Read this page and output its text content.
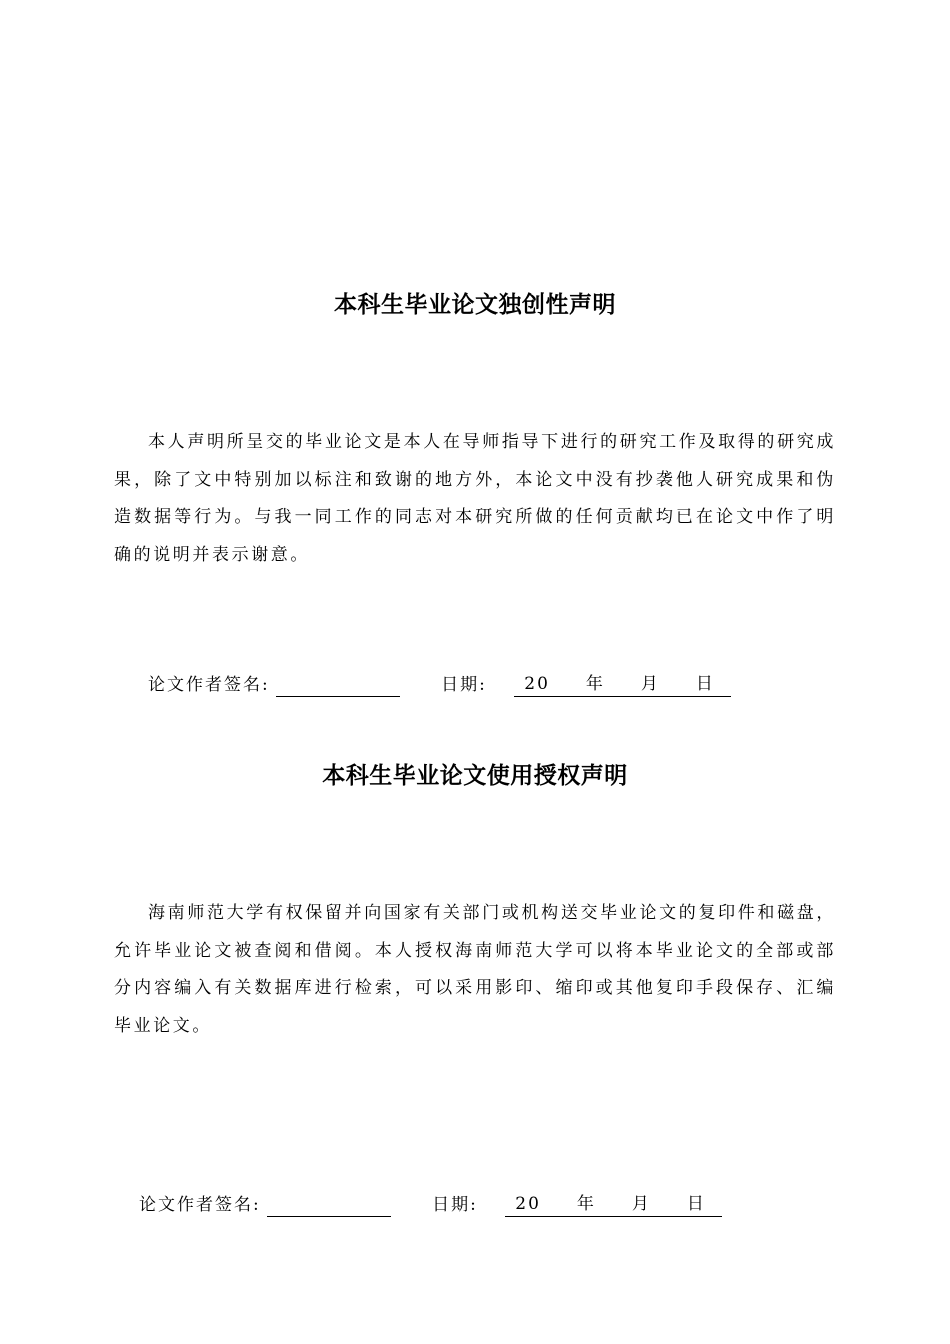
本科生毕业论文独创性声明
本人声明所呈交的毕业论文是本人在导师指导下进行的研究工作及取得的研究成果，除了文中特别加以标注和致谢的地方外，本论文中没有抄袭他人研究成果和伪造数据等行为。与我一同工作的同志对本研究所做的任何贡献均已在论文中作了明确的说明并表示谢意。
论文作者签名:	日期: 20 年 月 日
本科生毕业论文使用授权声明
海南师范大学有权保留并向国家有关部门或机构送交毕业论文的复印件和磁盘，允许毕业论文被查阅和借阅。本人授权海南师范大学可以将本毕业论文的全部或部分内容编入有关数据库进行检索，可以采用影印、缩印或其他复印手段保存、汇编毕业论文。
论文作者签名:	日期: 20 年 月 日
